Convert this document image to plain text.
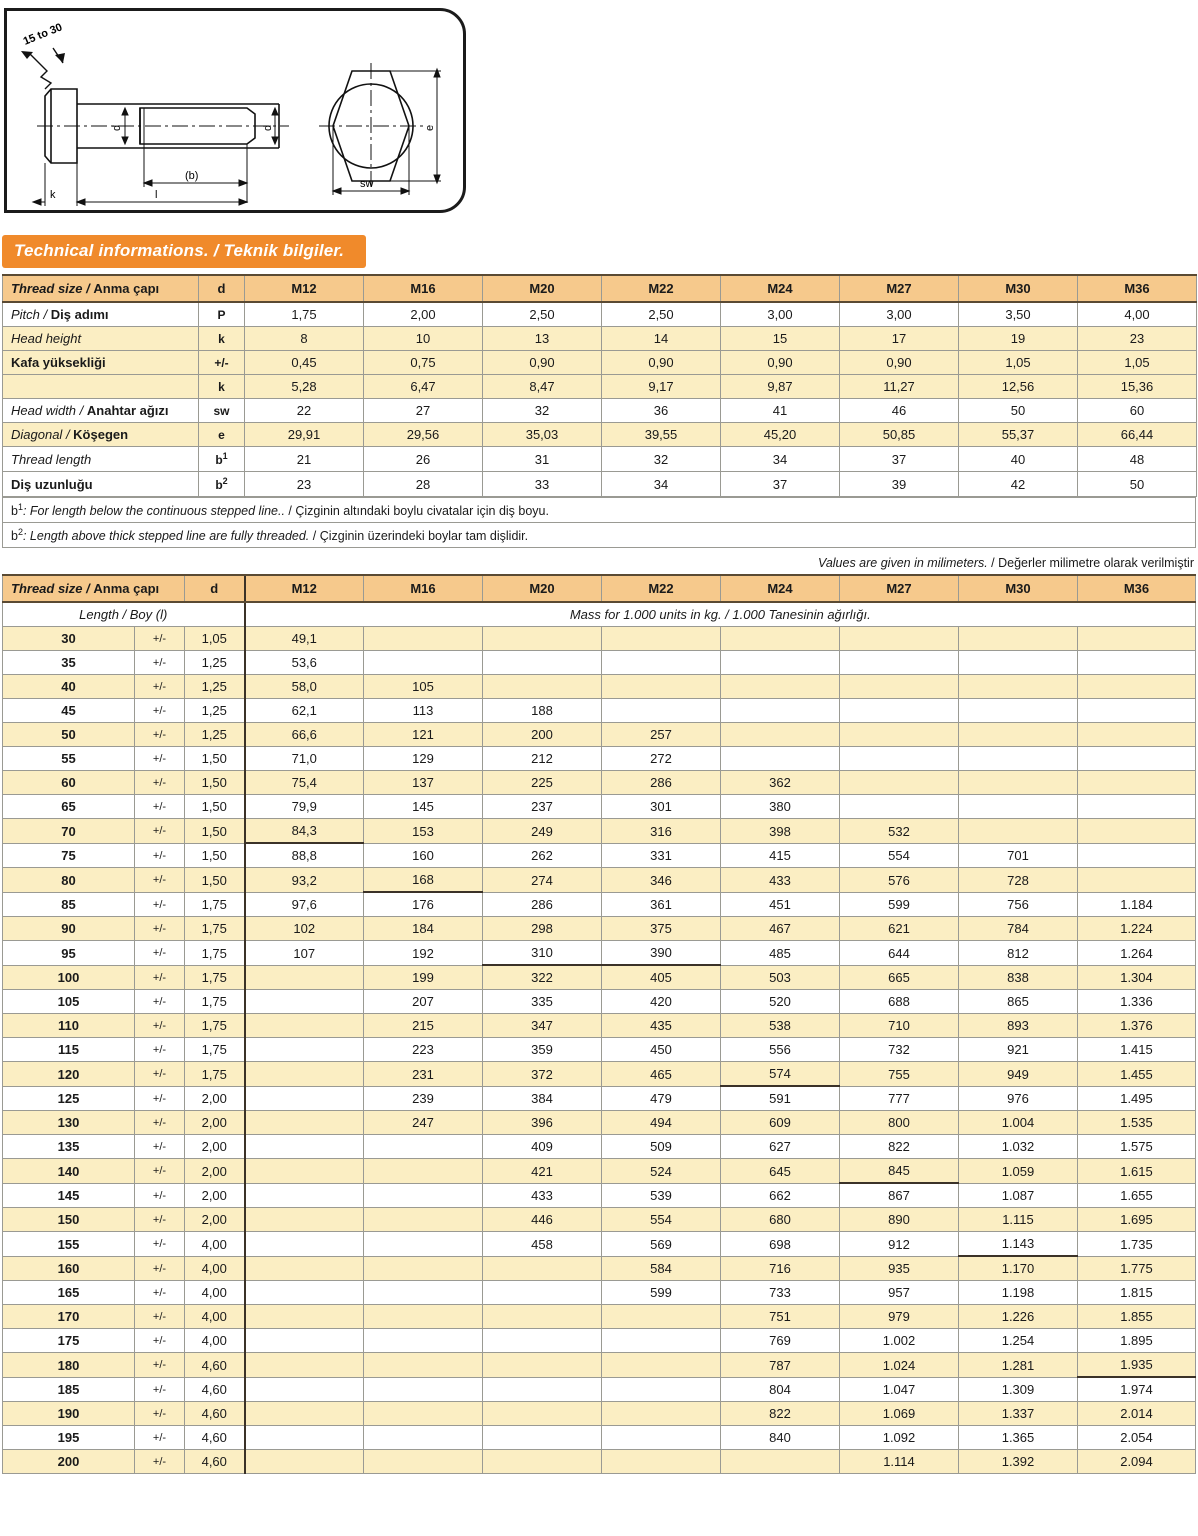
15 to 30
d	d
(b)
l
k
sw
e
Technical informations. / Teknik bilgiler.
Thread size / Anma çapı	d	M12	M16	M20	M22	M24	M27	M30	M36
Pitch / Diş adımı	P	1,75	2,00	2,50	2,50	3,00	3,00	3,50	4,00
Head height	k	8	10	13	14	15	17	19	23
Kafa yüksekliği	+/-	0,45	0,75	0,90	0,90	0,90	0,90	1,05	1,05
	k	5,28	6,47	8,47	9,17	9,87	11,27	12,56	15,36
Head width / Anahtar ağızı	sw	22	27	32	36	41	46	50	60
Diagonal / Köşegen	e	29,91	29,56	35,03	39,55	45,20	50,85	55,37	66,44
Thread length	$b^1$	21	26	31	32	34	37	40	48
Diş uzunluğu	$b^2$	23	28	33	34	37	39	42	50
$b^1$: For length below the continuous stepped line.. / Çizginin altındaki boylu civatalar için diş boyu.
$b^2$: Length above thick stepped line are fully threaded. / Çizginin üzerindeki boylar tam dişlidir.
Values are given in milimeters. / Değerler milimetre olarak verilmiştir
Thread size / Anma çapı		d	M12	M16	M20	M22	M24	M27	M30	M36
Length / Boy (l)			Mass for 1.000 units in kg. / 1.000 Tanesinin ağırlığı.							
30	+/-	1,05	49,1							
35	+/-	1,25	53,6							
40	+/-	1,25	58,0	105						
45	+/-	1,25	62,1	113	188					
50	+/-	1,25	66,6	121	200	257				
55	+/-	1,50	71,0	129	212	272				
60	+/-	1,50	75,4	137	225	286	362			
65	+/-	1,50	79,9	145	237	301	380			
70	+/-	1,50	84,3	153	249	316	398	532		
75	+/-	1,50	88,8	160	262	331	415	554	701	
80	+/-	1,50	93,2	168	274	346	433	576	728	
85	+/-	1,75	97,6	176	286	361	451	599	756	1.184
90	+/-	1,75	102	184	298	375	467	621	784	1.224
95	+/-	1,75	107	192	310	390	485	644	812	1.264
100	+/-	1,75		199	322	405	503	665	838	1.304
105	+/-	1,75		207	335	420	520	688	865	1.336
110	+/-	1,75		215	347	435	538	710	893	1.376
115	+/-	1,75		223	359	450	556	732	921	1.415
120	+/-	1,75		231	372	465	574	755	949	1.455
125	+/-	2,00		239	384	479	591	777	976	1.495
130	+/-	2,00		247	396	494	609	800	1.004	1.535
135	+/-	2,00			409	509	627	822	1.032	1.575
140	+/-	2,00			421	524	645	845	1.059	1.615
145	+/-	2,00			433	539	662	867	1.087	1.655
150	+/-	2,00			446	554	680	890	1.115	1.695
155	+/-	4,00			458	569	698	912	1.143	1.735
160	+/-	4,00				584	716	935	1.170	1.775
165	+/-	4,00				599	733	957	1.198	1.815
170	+/-	4,00					751	979	1.226	1.855
175	+/-	4,00					769	1.002	1.254	1.895
180	+/-	4,60					787	1.024	1.281	1.935
185	+/-	4,60					804	1.047	1.309	1.974
190	+/-	4,60					822	1.069	1.337	2.014
195	+/-	4,60					840	1.092	1.365	2.054
200	+/-	4,60						1.114	1.392	2.094
